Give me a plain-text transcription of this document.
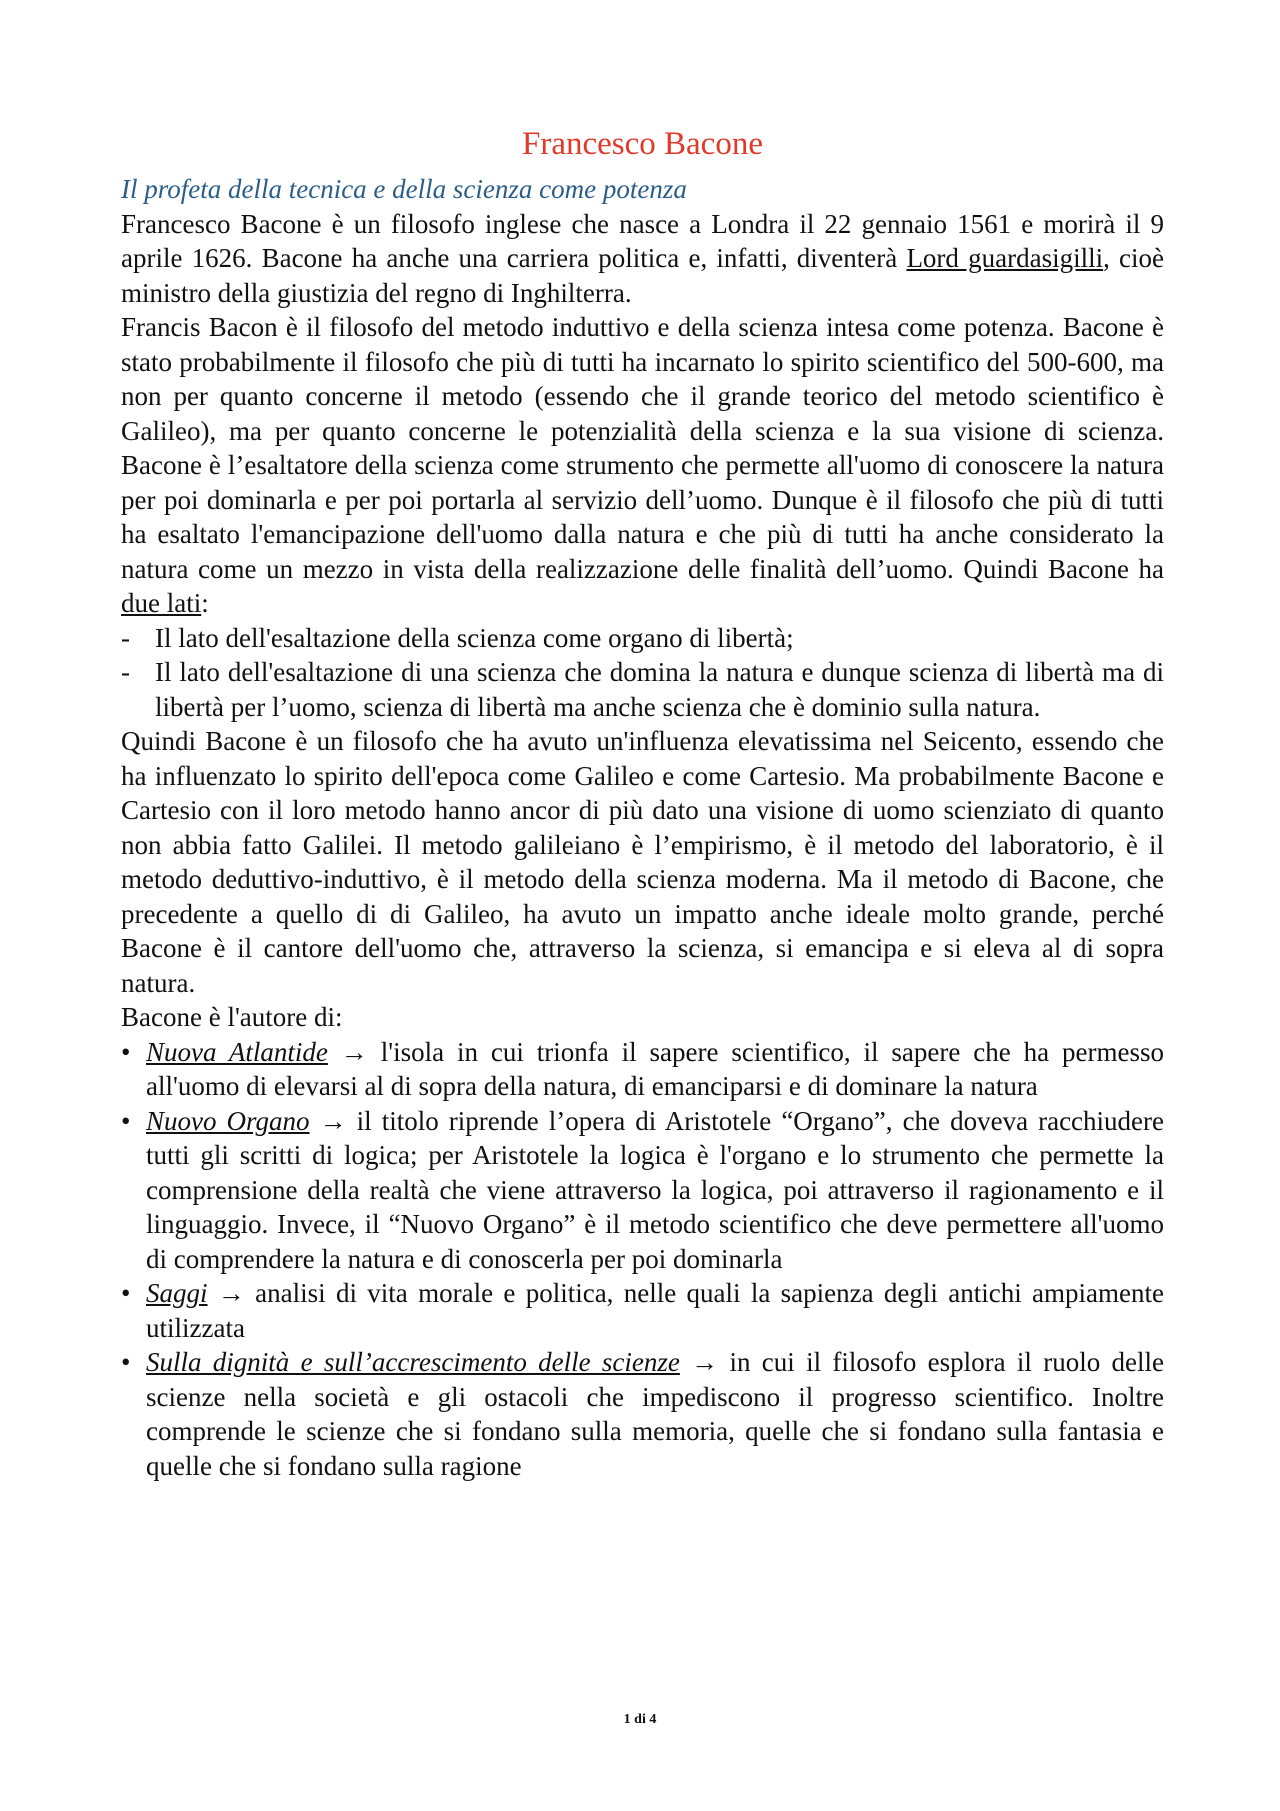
Francesco Bacone
Il profeta della tecnica e della scienza come potenza

Francesco Bacone è un filosofo inglese che nasce a Londra il 22 gennaio 1561 e morirà il 9 aprile 1626. Bacone ha anche una carriera politica e, infatti, diventerà Lord guardasigilli, cioè ministro della giustizia del regno di Inghilterra.

Francis Bacon è il filosofo del metodo induttivo e della scienza intesa come potenza. Bacone è stato probabilmente il filosofo che più di tutti ha incarnato lo spirito scientifico del 500-600, ma non per quanto concerne il metodo (essendo che il grande teorico del metodo scientifico è Galileo), ma per quanto concerne le potenzialità della scienza e la sua visione di scienza. Bacone è l’esaltatore della scienza come strumento che permette all'uomo di conoscere la natura per poi dominarla e per poi portarla al servizio dell’uomo. Dunque è il filosofo che più di tutti ha esaltato l'emancipazione dell'uomo dalla natura e che più di tutti ha anche considerato la natura come un mezzo in vista della realizzazione delle finalità dell’uomo. Quindi Bacone ha due lati:

- Il lato dell'esaltazione della scienza come organo di libertà;
- Il lato dell'esaltazione di una scienza che domina la natura e dunque scienza di libertà ma di libertà per l’uomo, scienza di libertà ma anche scienza che è dominio sulla natura.

Quindi Bacone è un filosofo che ha avuto un'influenza elevatissima nel Seicento, essendo che ha influenzato lo spirito dell'epoca come Galileo e come Cartesio. Ma probabilmente Bacone e Cartesio con il loro metodo hanno ancor di più dato una visione di uomo scienziato di quanto non abbia fatto Galilei. Il metodo galileiano è l’empirismo, è il metodo del laboratorio, è il metodo deduttivo-induttivo, è il metodo della scienza moderna. Ma il metodo di Bacone, che precedente a quello di di Galileo, ha avuto un impatto anche ideale molto grande, perché Bacone è il cantore dell'uomo che, attraverso la scienza, si emancipa e si eleva al di sopra natura.

Bacone è l'autore di:

• Nuova Atlantide → l'isola in cui trionfa il sapere scientifico, il sapere che ha permesso all'uomo di elevarsi al di sopra della natura, di emanciparsi e di dominare la natura
• Nuovo Organo → il titolo riprende l’opera di Aristotele “Organo”, che doveva racchiudere tutti gli scritti di logica; per Aristotele la logica è l'organo e lo strumento che permette la comprensione della realtà che viene attraverso la logica, poi attraverso il ragionamento e il linguaggio. Invece, il “Nuovo Organo” è il metodo scientifico che deve permettere all'uomo di comprendere la natura e di conoscerla per poi dominarla
• Saggi → analisi di vita morale e politica, nelle quali la sapienza degli antichi ampiamente utilizzata
• Sulla dignità e sull’accrescimento delle scienze → in cui il filosofo esplora il ruolo delle scienze nella società e gli ostacoli che impediscono il progresso scientifico. Inoltre comprende le scienze che si fondano sulla memoria, quelle che si fondano sulla fantasia e quelle che si fondano sulla ragione
1 di 4
